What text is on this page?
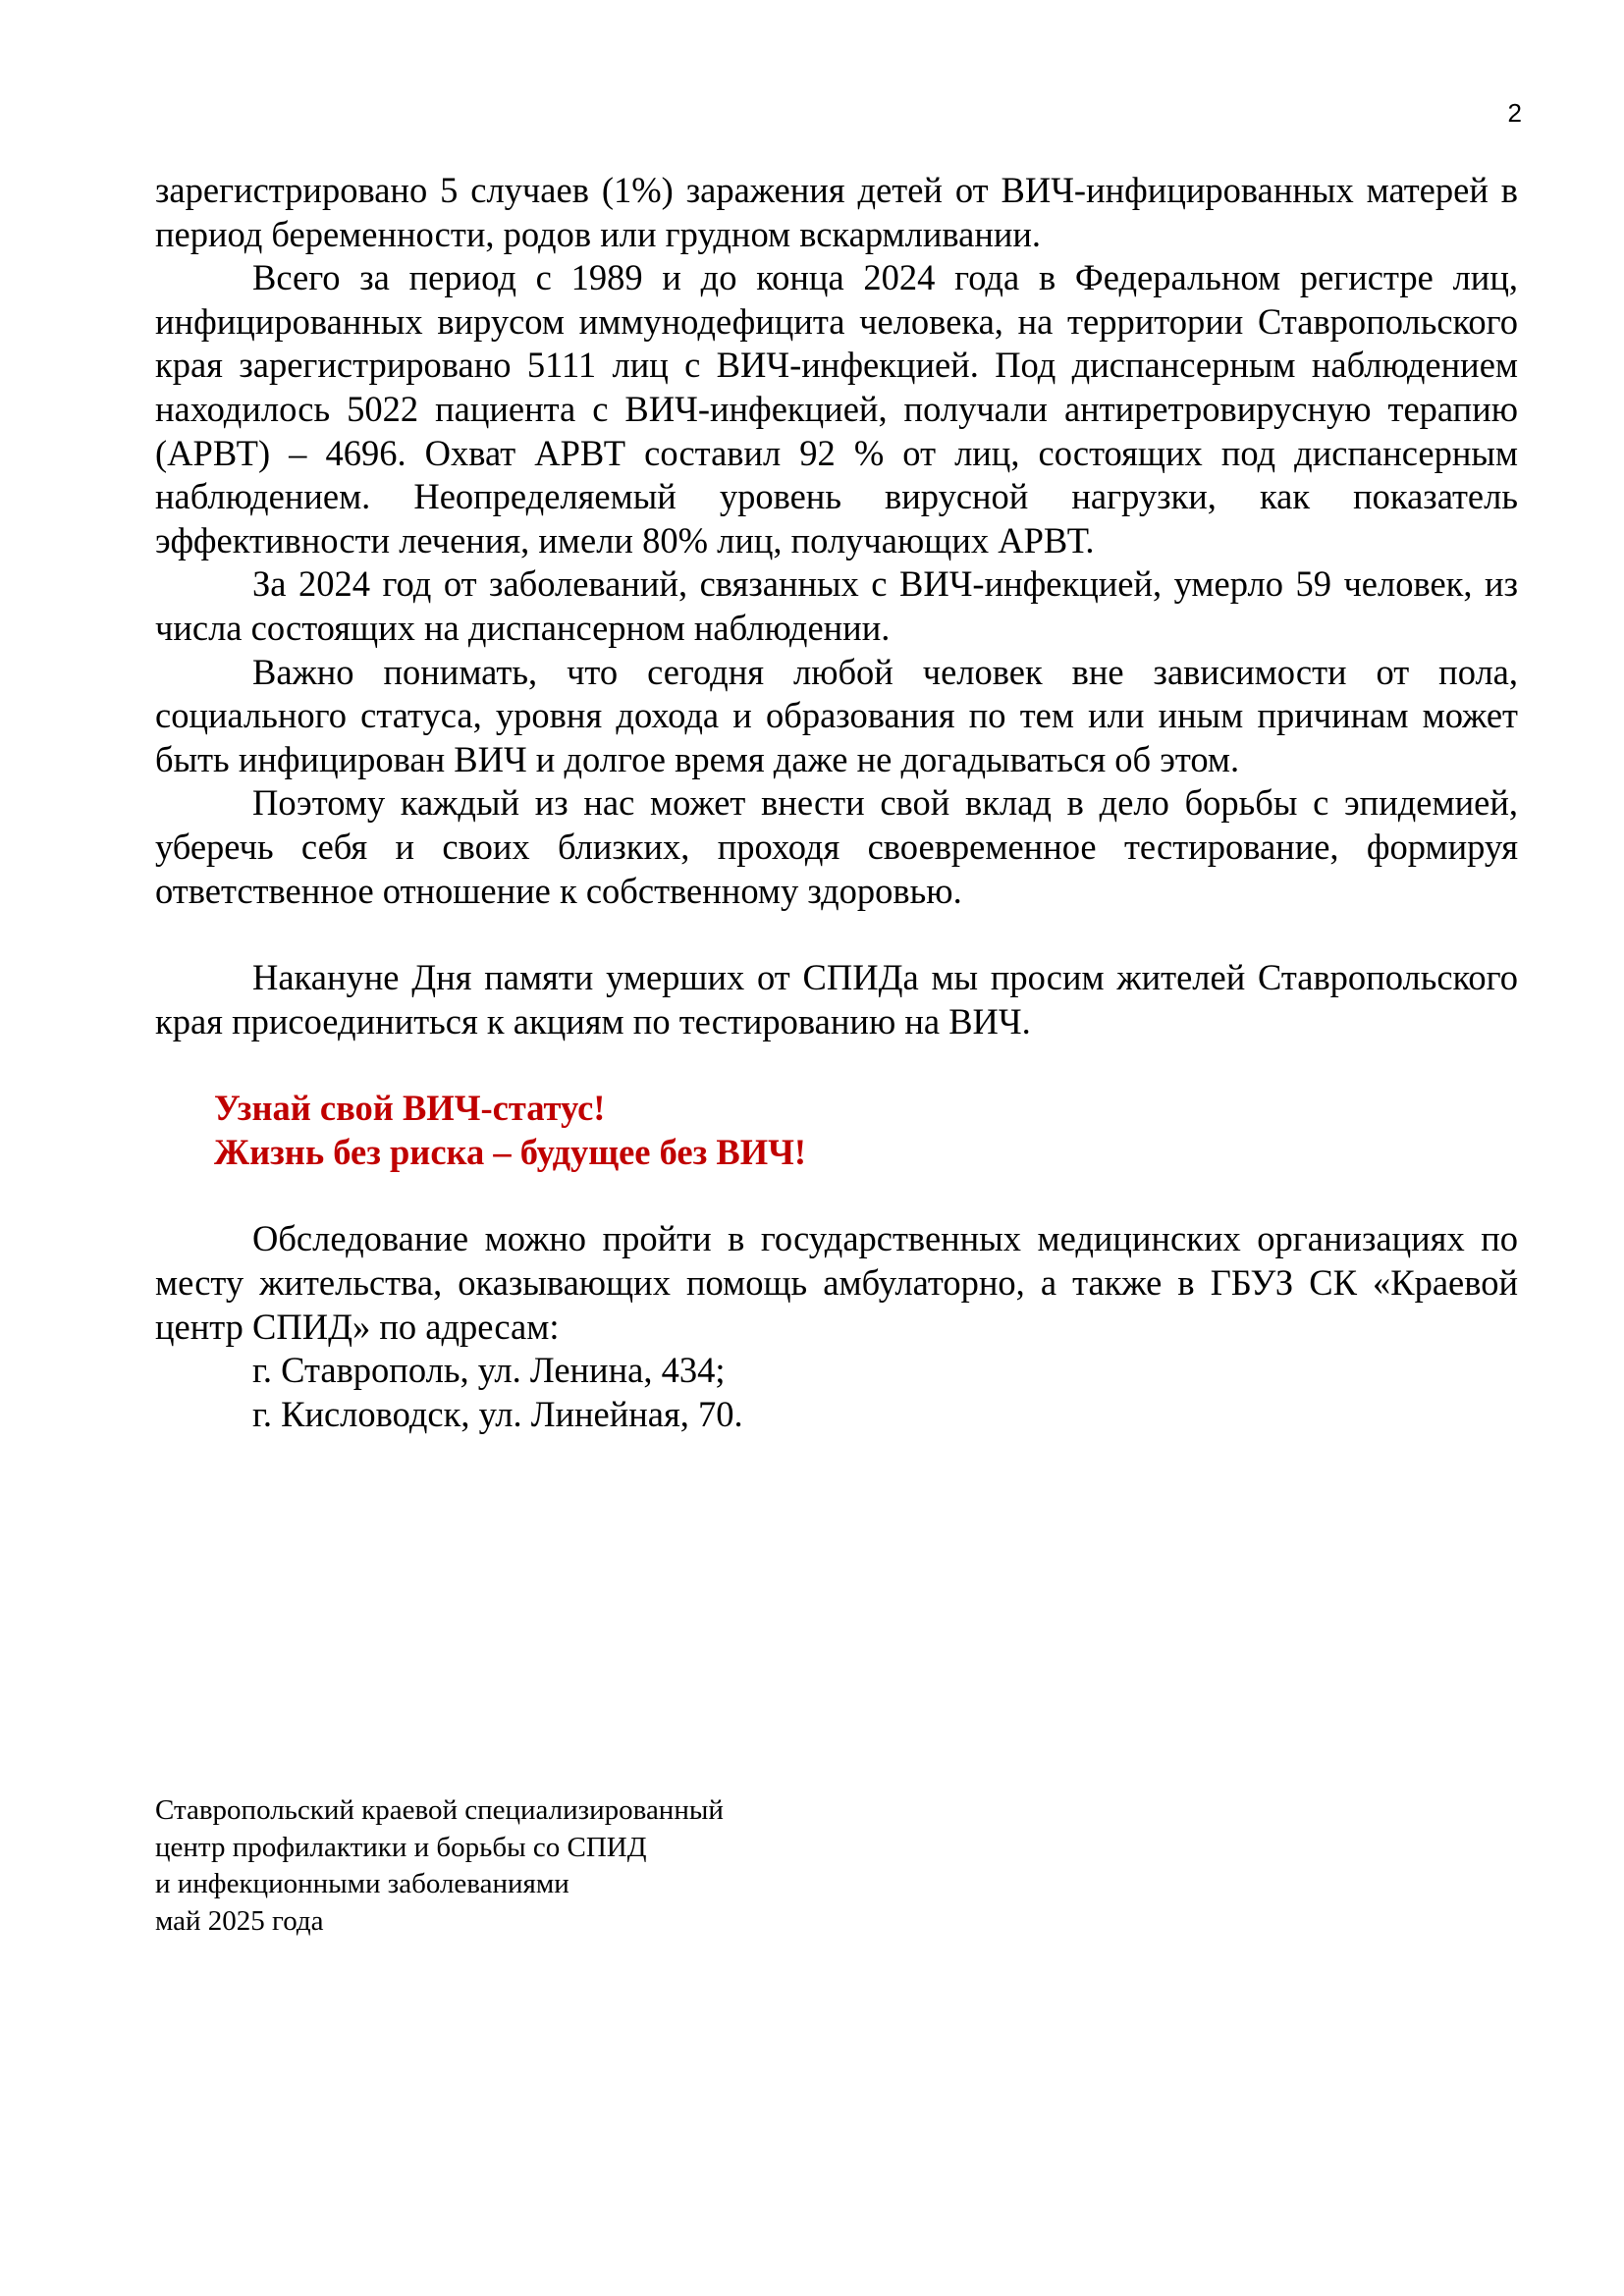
2

зарегистрировано 5 случаев (1%) заражения детей от ВИЧ-инфицированных матерей в период беременности, родов или грудном вскармливании.

Всего за период с 1989 и до конца 2024 года в Федеральном регистре лиц, инфицированных вирусом иммунодефицита человека, на территории Ставропольского края зарегистрировано 5111 лиц с ВИЧ-инфекцией. Под диспансерным наблюдением находилось 5022 пациента с ВИЧ-инфекцией, получали антиретровирусную терапию (АРВТ) – 4696. Охват АРВТ составил 92 % от лиц, состоящих под диспансерным наблюдением. Неопределяемый уровень вирусной нагрузки, как показатель эффективности лечения, имели 80% лиц, получающих АРВТ.

За 2024 год от заболеваний, связанных с ВИЧ-инфекцией, умерло 59 человек, из числа состоящих на диспансерном наблюдении.

Важно понимать, что сегодня любой человек вне зависимости от пола, социального статуса, уровня дохода и образования по тем или иным причинам может быть инфицирован ВИЧ и долгое время даже не догадываться об этом.

Поэтому каждый из нас может внести свой вклад в дело борьбы с эпидемией, уберечь себя и своих близких, проходя своевременное тестирование, формируя ответственное отношение к собственному здоровью.

Накануне Дня памяти умерших от СПИДа мы просим жителей Ставропольского края присоединиться к акциям по тестированию на ВИЧ.

Узнай свой ВИЧ-статус!

Жизнь без риска – будущее без ВИЧ!

Обследование можно пройти в государственных медицинских организациях по месту жительства, оказывающих помощь амбулаторно, а также в ГБУЗ СК «Краевой центр СПИД» по адресам:

г. Ставрополь, ул. Ленина, 434;

г. Кисловодск, ул. Линейная, 70.

Ставропольский краевой специализированный
центр профилактики и борьбы со СПИД
и инфекционными заболеваниями
май 2025 года
